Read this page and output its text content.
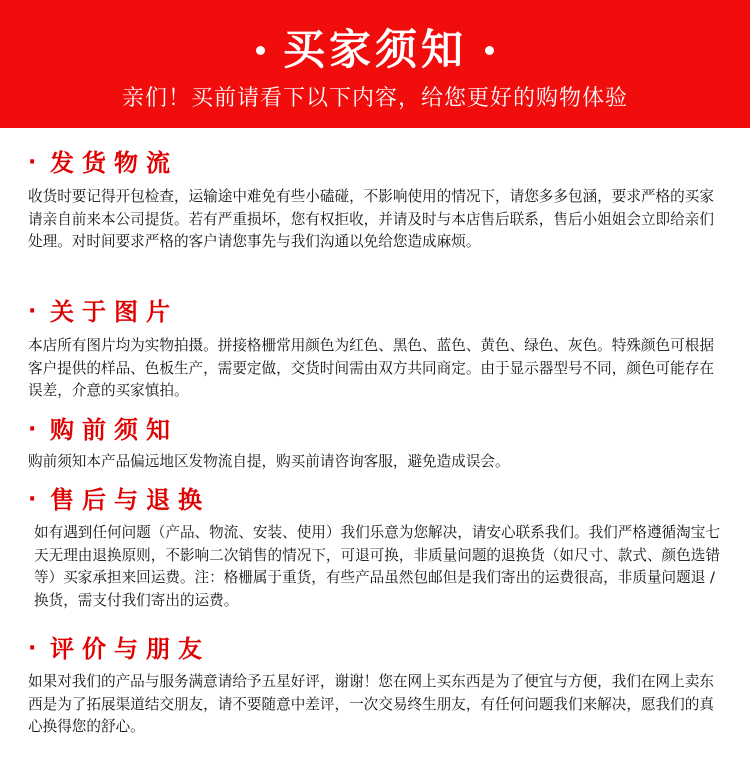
买家须知
亲们！买前请看下以下内容，给您更好的购物体验
· 发货物流
收货时要记得开包检查，运输途中难免有些小磕碰，不影响使用的情况下，请您多多包涵，要求严格的买家请亲自前来本公司提货。若有严重损坏，您有权拒收，并请及时与本店售后联系，售后小姐姐会立即给亲们处理。对时间要求严格的客户请您事先与我们沟通以免给您造成麻烦。
· 关于图片
本店所有图片均为实物拍摄。拼接格栅常用颜色为红色、黑色、蓝色、黄色、绿色、灰色。特殊颜色可根据客户提供的样品、色板生产，需要定做，交货时间需由双方共同商定。由于显示器型号不同，颜色可能存在误差，介意的买家慎拍。
· 购前须知
购前须知本产品偏远地区发物流自提，购买前请咨询客服，避免造成误会。
· 售后与退换
如有遇到任何问题（产品、物流、安装、使用）我们乐意为您解决，请安心联系我们。我们严格遵循淘宝七天无理由退换原则，不影响二次销售的情况下，可退可换，非质量问题的退换货（如尺寸、款式、颜色选错等）买家承担来回运费。注：格栅属于重货，有些产品虽然包邮但是我们寄出的运费很高，非质量问题退 / 换货，需支付我们寄出的运费。
· 评价与朋友
如果对我们的产品与服务满意请给予五星好评，谢谢！您在网上买东西是为了便宜与方便，我们在网上卖东西是为了拓展渠道结交朋友，请不要随意中差评，一次交易终生朋友，有任何问题我们来解决，愿我们的真心换得您的舒心。
